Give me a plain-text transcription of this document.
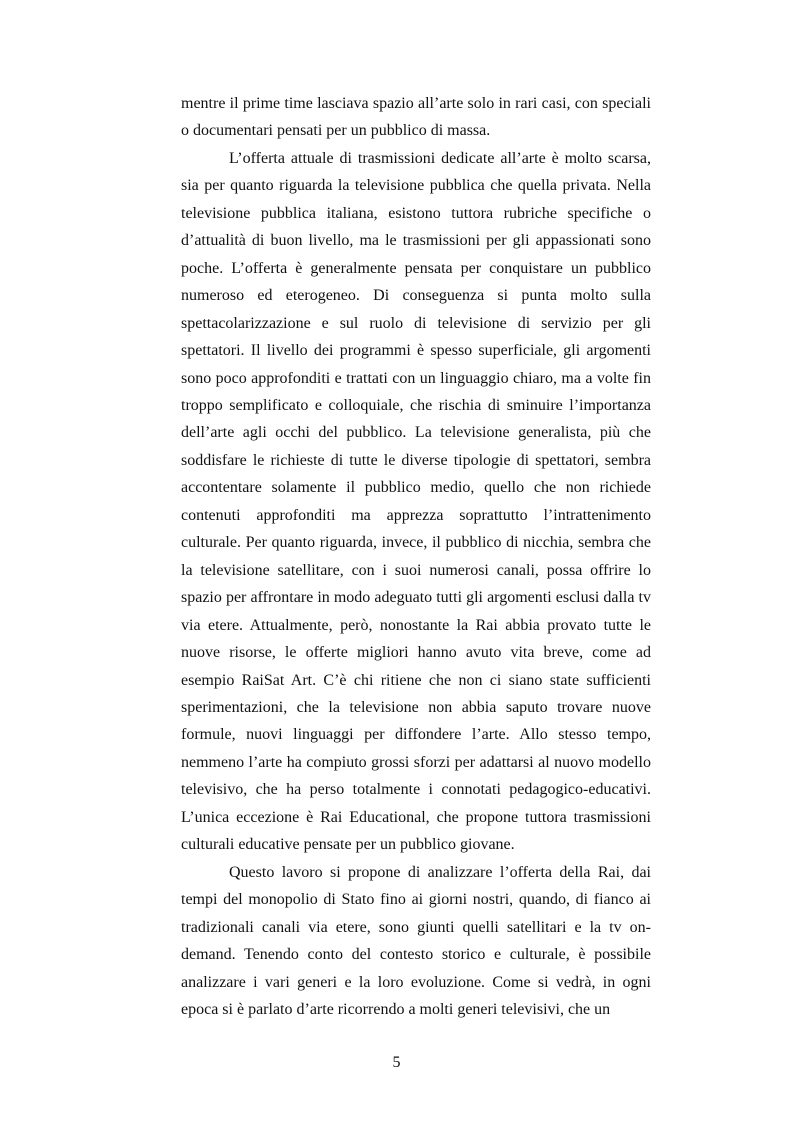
mentre il prime time lasciava spazio all’arte solo in rari casi, con speciali o documentari pensati per un pubblico di massa.

L’offerta attuale di trasmissioni dedicate all’arte è molto scarsa, sia per quanto riguarda la televisione pubblica che quella privata. Nella televisione pubblica italiana, esistono tuttora rubriche specifiche o d’attualità di buon livello, ma le trasmissioni per gli appassionati sono poche. L’offerta è generalmente pensata per conquistare un pubblico numeroso ed eterogeneo. Di conseguenza si punta molto sulla spettacolarizzazione e sul ruolo di televisione di servizio per gli spettatori. Il livello dei programmi è spesso superficiale, gli argomenti sono poco approfonditi e trattati con un linguaggio chiaro, ma a volte fin troppo semplificato e colloquiale, che rischia di sminuire l’importanza dell’arte agli occhi del pubblico. La televisione generalista, più che soddisfare le richieste di tutte le diverse tipologie di spettatori, sembra accontentare solamente il pubblico medio, quello che non richiede contenuti approfonditi ma apprezza soprattutto l’intrattenimento culturale. Per quanto riguarda, invece, il pubblico di nicchia, sembra che la televisione satellitare, con i suoi numerosi canali, possa offrire lo spazio per affrontare in modo adeguato tutti gli argomenti esclusi dalla tv via etere. Attualmente, però, nonostante la Rai abbia provato tutte le nuove risorse, le offerte migliori hanno avuto vita breve, come ad esempio RaiSat Art. C’è chi ritiene che non ci siano state sufficienti sperimentazioni, che la televisione non abbia saputo trovare nuove formule, nuovi linguaggi per diffondere l’arte. Allo stesso tempo, nemmeno l’arte ha compiuto grossi sforzi per adattarsi al nuovo modello televisivo, che ha perso totalmente i connotati pedagogico-educativi. L’unica eccezione è Rai Educational, che propone tuttora trasmissioni culturali educative pensate per un pubblico giovane.

Questo lavoro si propone di analizzare l’offerta della Rai, dai tempi del monopolio di Stato fino ai giorni nostri, quando, di fianco ai tradizionali canali via etere, sono giunti quelli satellitari e la tv on-demand. Tenendo conto del contesto storico e culturale, è possibile analizzare i vari generi e la loro evoluzione. Come si vedrà, in ogni epoca si è parlato d’arte ricorrendo a molti generi televisivi, che un

5
